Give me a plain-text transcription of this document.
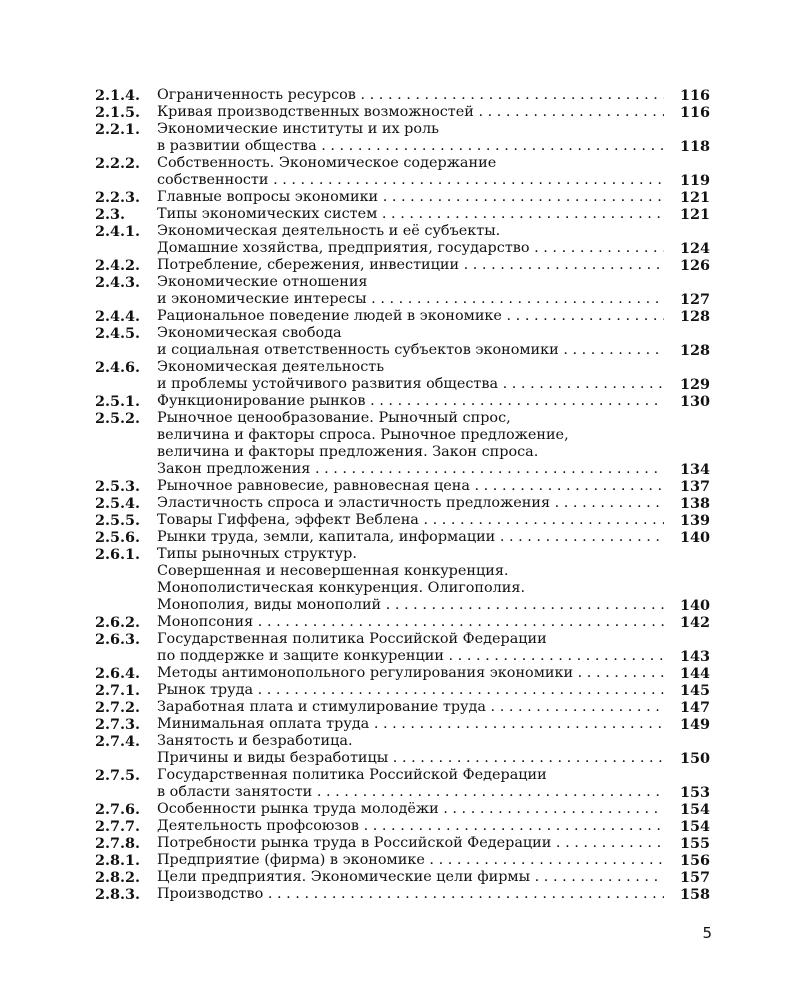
2.1.4.	Ограниченность ресурсов . . .	116
2.1.5.	Кривая производственных возможностей . . .	116
2.2.1.	Экономические институты и их роль
в развитии общества . . .	118
2.2.2.	Собственность. Экономическое содержание
собственности . . .	119
2.2.3.	Главные вопросы экономики . . .	121
2.3.	Типы экономических систем . . .	121
2.4.1.	Экономическая деятельность и её субъекты.
Домашние хозяйства, предприятия, государство . . .	124
2.4.2.	Потребление, сбережения, инвестиции . . .	126
2.4.3.	Экономические отношения
и экономические интересы . . .	127
2.4.4.	Рациональное поведение людей в экономике . . .	128
2.4.5.	Экономическая свобода
и социальная ответственность субъектов экономики . . .	128
2.4.6.	Экономическая деятельность
и проблемы устойчивого развития общества . . .	129
2.5.1.	Функционирование рынков . . .	130
2.5.2.	Рыночное ценообразование. Рыночный спрос,
величина и факторы спроса. Рыночное предложение,
величина и факторы предложения. Закон спроса.
Закон предложения . . .	134
2.5.3.	Рыночное равновесие, равновесная цена . . .	137
2.5.4.	Эластичность спроса и эластичность предложения . . .	138
2.5.5.	Товары Гиффена, эффект Веблена . . .	139
2.5.6.	Рынки труда, земли, капитала, информации . . .	140
2.6.1.	Типы рыночных структур.
Совершенная и несовершенная конкуренция.
Монополистическая конкуренция. Олигополия.
Монополия, виды монополий . . .	140
2.6.2.	Монопсония . . .	142
2.6.3.	Государственная политика Российской Федерации
по поддержке и защите конкуренции . . .	143
2.6.4.	Методы антимонопольного регулирования экономики . . .	144
2.7.1.	Рынок труда . . .	145
2.7.2.	Заработная плата и стимулирование труда . . .	147
2.7.3.	Минимальная оплата труда . . .	149
2.7.4.	Занятость и безработица.
Причины и виды безработицы . . .	150
2.7.5.	Государственная политика Российской Федерации
в области занятости . . .	153
2.7.6.	Особенности рынка труда молодёжи . . .	154
2.7.7.	Деятельность профсоюзов . . .	154
2.7.8.	Потребности рынка труда в Российской Федерации . . .	155
2.8.1.	Предприятие (фирма) в экономике . . .	156
2.8.2.	Цели предприятия. Экономические цели фирмы . . .	157
2.8.3.	Производство . . .	158
5
